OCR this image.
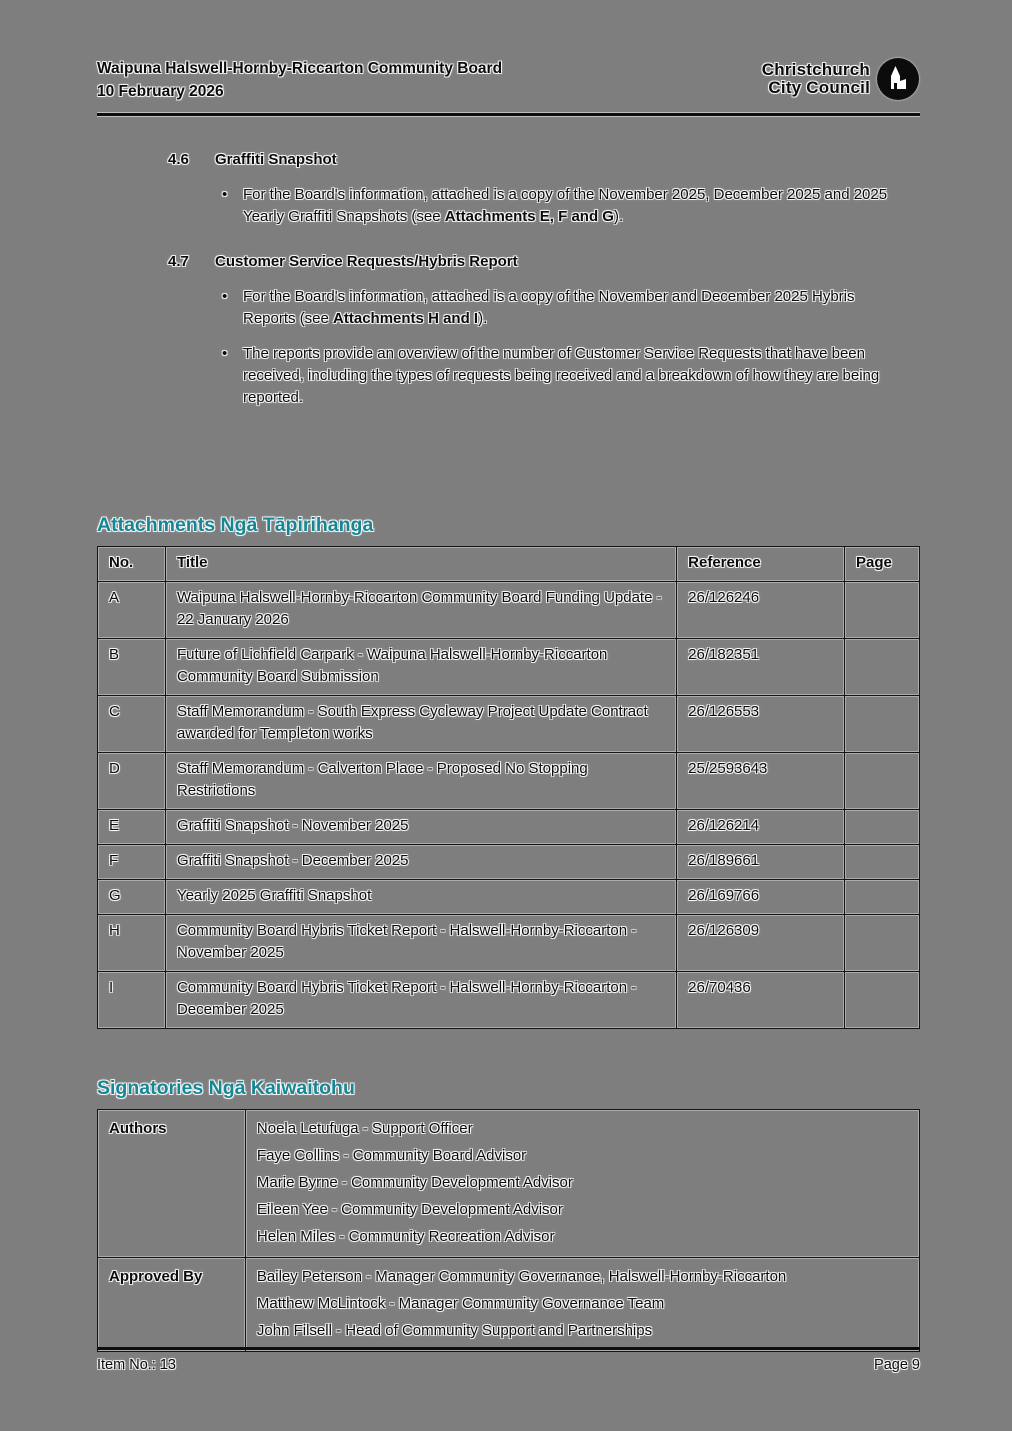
Waipuna Halswell-Hornby-Riccarton Community Board
10 February 2026
Christchurch
City Council
4.6	Graffiti Snapshot
•
For the Board's information, attached is a copy of the November 2025, December 2025 and 2025 Yearly Graffiti Snapshots (see Attachments E, F and G).
4.7	Customer Service Requests/Hybris Report
•
For the Board's information, attached is a copy of the November and December 2025 Hybris Reports (see Attachments H and I).
•
The reports provide an overview of the number of Customer Service Requests that have been received, including the types of requests being received and a breakdown of how they are being reported.
Attachments Ngā Tāpirihanga
No.	Title	Reference	Page
A	Waipuna Halswell-Hornby-Riccarton Community Board Funding Update - 22 January 2026	26/126246	
B	Future of Lichfield Carpark - Waipuna Halswell-Hornby-Riccarton Community Board Submission	26/182351	
C	Staff Memorandum - South Express Cycleway Project Update Contract awarded for Templeton works	26/126553	
D	Staff Memorandum - Calverton Place - Proposed No Stopping Restrictions	25/2593643	
E	Graffiti Snapshot - November 2025	26/126214	
F	Graffiti Snapshot - December 2025	26/189661	
G	Yearly 2025 Graffiti Snapshot	26/169766	
H	Community Board Hybris Ticket Report - Halswell-Hornby-Riccarton - November 2025	26/126309	
I	Community Board Hybris Ticket Report - Halswell-Hornby-Riccarton - December 2025	26/70436	
Signatories Ngā Kaiwaitohu
Authors	Noela Letufuga - Support Officer
Faye Collins - Community Board Advisor
Marie Byrne - Community Development Advisor
Eileen Yee - Community Development Advisor
Helen Miles - Community Recreation Advisor

Approved By	Bailey Peterson - Manager Community Governance, Halswell-Hornby-Riccarton
Matthew McLintock - Manager Community Governance Team
John Filsell - Head of Community Support and Partnerships
Item No.: 13	Page 9
